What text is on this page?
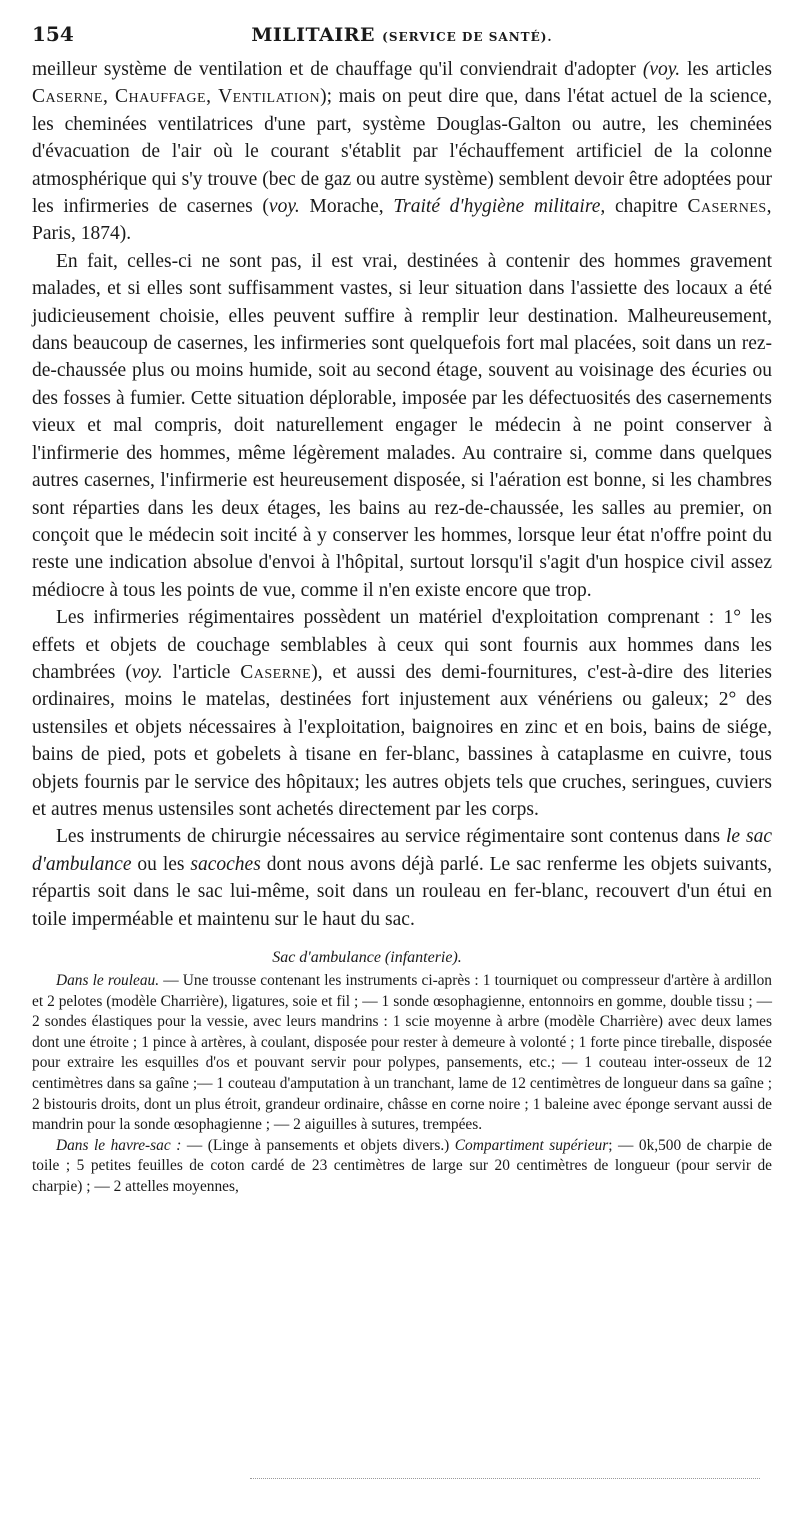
154	MILITAIRE (SERVICE DE SANTÉ).

meilleur système de ventilation et de chauffage qu'il conviendrait d'adopter (voy. les articles Caserne, Chauffage, Ventilation); mais on peut dire que, dans l'état actuel de la science, les cheminées ventilatrices d'une part, système Douglas-Galton ou autre, les cheminées d'évacuation de l'air où le courant s'établit par l'échauffement artificiel de la colonne atmosphérique qui s'y trouve (bec de gaz ou autre système) semblent devoir être adoptées pour les infirmeries de casernes (voy. Morache, Traité d'hygiène militaire, chapitre Casernes, Paris, 1874).

En fait, celles-ci ne sont pas, il est vrai, destinées à contenir des hommes gravement malades, et si elles sont suffisamment vastes, si leur situation dans l'assiette des locaux a été judicieusement choisie, elles peuvent suffire à remplir leur destination. Malheureusement, dans beaucoup de casernes, les infirmeries sont quelquefois fort mal placées, soit dans un rez-de-chaussée plus ou moins humide, soit au second étage, souvent au voisinage des écuries ou des fosses à fumier. Cette situation déplorable, imposée par les défectuosités des casernements vieux et mal compris, doit naturellement engager le médecin à ne point conserver à l'infirmerie des hommes, même légèrement malades. Au contraire si, comme dans quelques autres casernes, l'infirmerie est heureusement disposée, si l'aération est bonne, si les chambres sont réparties dans les deux étages, les bains au rez-de-chaussée, les salles au premier, on conçoit que le médecin soit incité à y conserver les hommes, lorsque leur état n'offre point du reste une indication absolue d'envoi à l'hôpital, surtout lorsqu'il s'agit d'un hospice civil assez médiocre à tous les points de vue, comme il n'en existe encore que trop.

Les infirmeries régimentaires possèdent un matériel d'exploitation comprenant : 1° les effets et objets de couchage semblables à ceux qui sont fournis aux hommes dans les chambrées (voy. l'article Caserne), et aussi des demi-fournitures, c'est-à-dire des literies ordinaires, moins le matelas, destinées fort injustement aux vénériens ou galeux; 2° des ustensiles et objets nécessaires à l'exploitation, baignoires en zinc et en bois, bains de siége, bains de pied, pots et gobelets à tisane en fer-blanc, bassines à cataplasme en cuivre, tous objets fournis par le service des hôpitaux; les autres objets tels que cruches, seringues, cuviers et autres menus ustensiles sont achetés directement par les corps.

Les instruments de chirurgie nécessaires au service régimentaire sont contenus dans le sac d'ambulance ou les sacoches dont nous avons déjà parlé. Le sac renferme les objets suivants, répartis soit dans le sac lui-même, soit dans un rouleau en fer-blanc, recouvert d'un étui en toile imperméable et maintenu sur le haut du sac.

Sac d'ambulance (infanterie).

Dans le rouleau. — Une trousse contenant les instruments ci-après : 1 tourniquet ou compresseur d'artère à ardillon et 2 pelotes (modèle Charrière), ligatures, soie et fil ; — 1 sonde œsophagienne, entonnoirs en gomme, double tissu ; — 2 sondes élastiques pour la vessie, avec leurs mandrins : 1 scie moyenne à arbre (modèle Charrière) avec deux lames dont une étroite ; 1 pince à artères, à coulant, disposée pour rester à demeure à volonté ; 1 forte pince tireballe, disposée pour extraire les esquilles d'os et pouvant servir pour polypes, pansements, etc.; — 1 couteau inter-osseux de 12 centimètres dans sa gaîne ;— 1 couteau d'amputation à un tranchant, lame de 12 centimètres de longueur dans sa gaîne ; 2 bistouris droits, dont un plus étroit, grandeur ordinaire, châsse en corne noire ; 1 baleine avec éponge servant aussi de mandrin pour la sonde œsophagienne ; — 2 aiguilles à sutures, trempées.

Dans le havre-sac : — (Linge à pansements et objets divers.) Compartiment supérieur; — 0k,500 de charpie de toile ; 5 petites feuilles de coton cardé de 23 centimètres de large sur 20 centimètres de longueur (pour servir de charpie) ; — 2 attelles moyennes,
